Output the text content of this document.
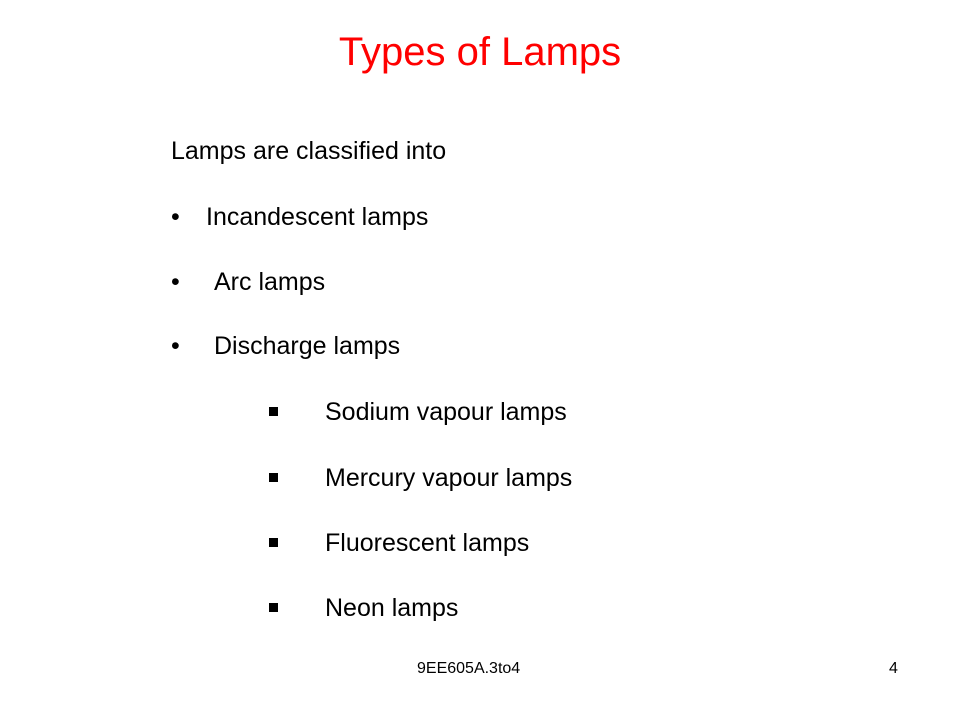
Types of Lamps
Lamps are classified into
• Incandescent lamps
• Arc lamps
• Discharge lamps
Sodium vapour lamps
Mercury vapour lamps
Fluorescent lamps
Neon lamps
9EE605A.3to4	4
